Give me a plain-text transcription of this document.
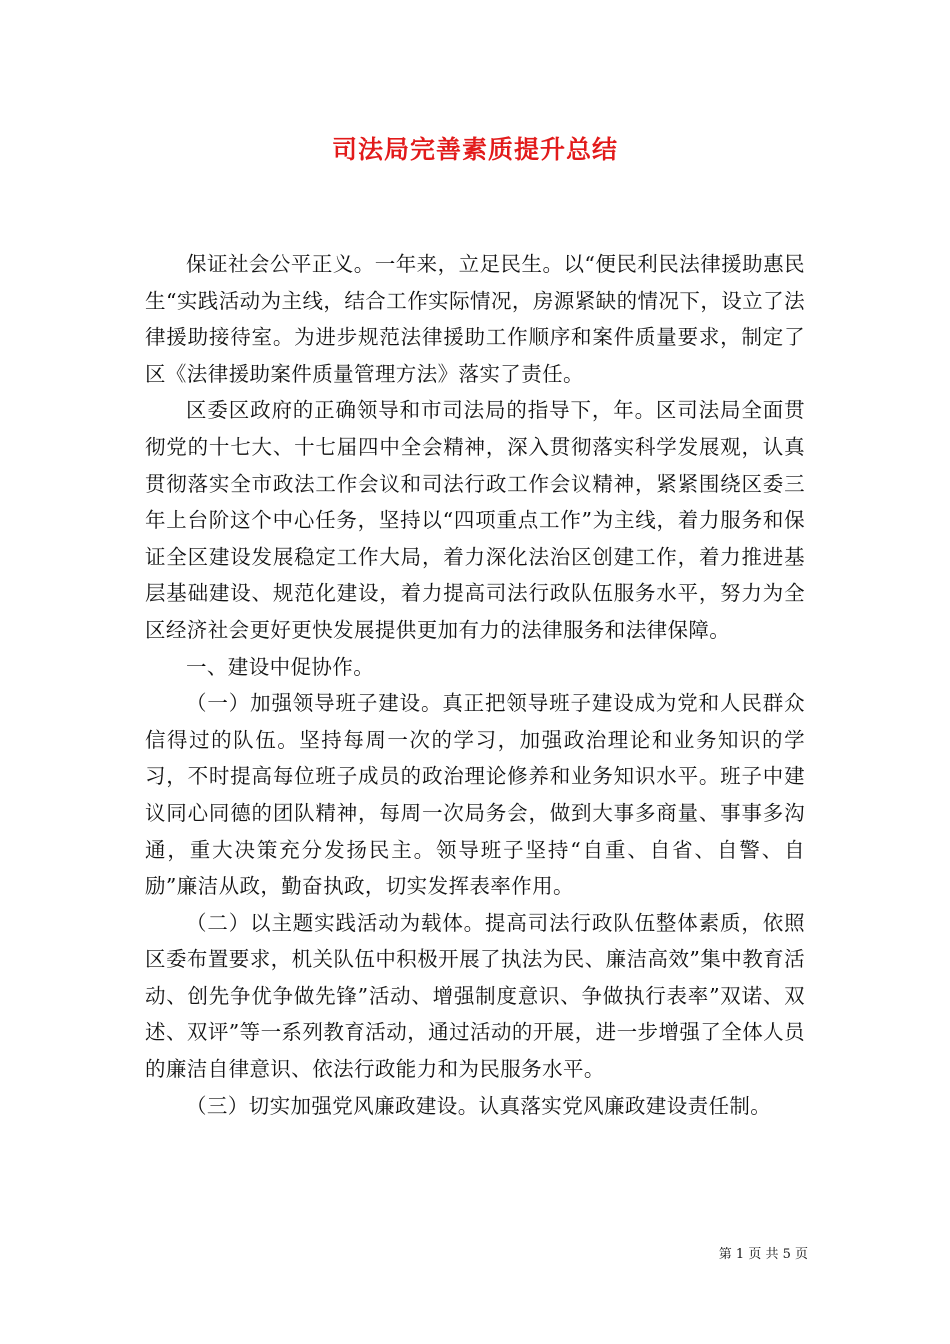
司法局完善素质提升总结

保证社会公平正义。一年来，立足民生。以“便民利民法律援助惠民生“实践活动为主线，结合工作实际情况，房源紧缺的情况下，设立了法律援助接待室。为进步规范法律援助工作顺序和案件质量要求，制定了区《法律援助案件质量管理方法》落实了责任。

区委区政府的正确领导和市司法局的指导下，年。区司法局全面贯彻党的十七大、十七届四中全会精神，深入贯彻落实科学发展观，认真贯彻落实全市政法工作会议和司法行政工作会议精神，紧紧围绕区委三年上台阶这个中心任务，坚持以“四项重点工作”为主线，着力服务和保证全区建设发展稳定工作大局，着力深化法治区创建工作，着力推进基层基础建设、规范化建设，着力提高司法行政队伍服务水平，努力为全区经济社会更好更快发展提供更加有力的法律服务和法律保障。

一、建设中促协作。

（一）加强领导班子建设。真正把领导班子建设成为党和人民群众信得过的队伍。坚持每周一次的学习，加强政治理论和业务知识的学习，不时提高每位班子成员的政治理论修养和业务知识水平。班子中建议同心同德的团队精神，每周一次局务会，做到大事多商量、事事多沟通，重大决策充分发扬民主。领导班子坚持“自重、自省、自警、自励”廉洁从政，勤奋执政，切实发挥表率作用。

（二）以主题实践活动为载体。提高司法行政队伍整体素质，依照区委布置要求，机关队伍中积极开展了执法为民、廉洁高效”集中教育活动、创先争优争做先锋”活动、增强制度意识、争做执行表率”双诺、双述、双评”等一系列教育活动，通过活动的开展，进一步增强了全体人员的廉洁自律意识、依法行政能力和为民服务水平。

（三）切实加强党风廉政建设。认真落实党风廉政建设责任制。

第 1 页 共 5 页
